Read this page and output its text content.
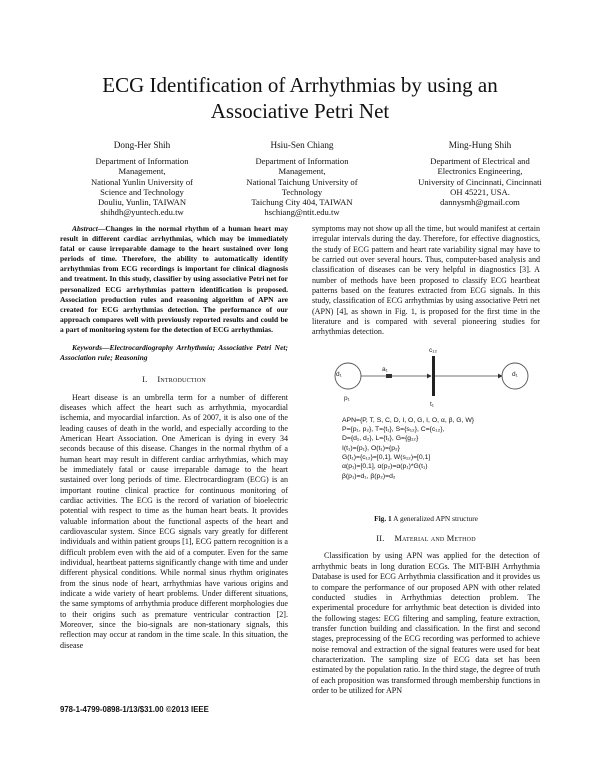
ECG Identification of Arrhythmias by using an
Associative Petri Net
Dong-Her Shih
Department of Information
Management,
National Yunlin University of
Science and Technology
Douliu, Yunlin, TAIWAN
shihdh@yuntech.edu.tw
Hsiu-Sen Chiang
Department of Information
Management,
National Taichung University of
Technology
Taichung City 404, TAIWAN
hschiang@ntit.edu.tw
Ming-Hung Shih
Department of Electrical and
Electronics Engineering,
University of Cincinnati, Cincinnati
OH 45221, USA.
dannysmh@gmail.com

Abstract—Changes in the normal rhythm of a human heart may result in different cardiac arrhythmias, which may be immediately fatal or cause irreparable damage to the heart sustained over long periods of time. Therefore, the ability to automatically identify arrhythmias from ECG recordings is important for clinical diagnosis and treatment. In this study, classifier by using associative Petri net for personalized ECG arrhythmias pattern identification is proposed. Association production rules and reasoning algorithm of APN are created for ECG arrhythmias detection. The performance of our approach compares well with previously reported results and could be a part of monitoring system for the detection of ECG arrhythmias.

Keywords—Electrocardiography Arrhythmia; Associative Petri Net; Association rule; Reasoning

I. Introduction

Heart disease is an umbrella term for a number of different diseases which affect the heart such as arrhythmia, myocardial ischemia, and myocardial infarction. As of 2007, it is also one of the leading causes of death in the world, and especially according to the American Heart Association. One American is dying in every 34 seconds because of this disease. Changes in the normal rhythm of a human heart may result in different cardiac arrhythmias, which may be immediately fatal or cause irreparable damage to the heart sustained over long periods of time. Electrocardiogram (ECG) is an important routine clinical practice for continuous monitoring of cardiac activities. The ECG is the record of variation of bioelectric potential with respect to time as the human heart beats. It provides valuable information about the functional aspects of the heart and cardiovascular system. Since ECG signals vary greatly for different individuals and within patient groups [1], ECG pattern recognition is a difficult problem even with the aid of a computer. Even for the same individual, heartbeat patterns significantly change with time and under different physical conditions. While normal sinus rhythm originates from the sinus node of heart, arrhythmias have various origins and indicate a wide variety of heart problems. Under different situations, the same symptoms of arrhythmia produce different morphologies due to their origins such as premature ventricular contraction [2]. Moreover, since the bio-signals are non-stationary signals, this reflection may occur at random in the time scale. In this situation, the disease

symptoms may not show up all the time, but would manifest at certain irregular intervals during the day. Therefore, for effective diagnostics, the study of ECG pattern and heart rate variability signal may have to be carried out over several hours. Thus, computer-based analysis and classification of diseases can be very helpful in diagnostics [3]. A number of methods have been proposed to classify ECG heartbeat patterns based on the features extracted from ECG signals. In this study, classification of ECG arrhythmias by using associative Petri net (APN) [4], as shown in Fig. 1, is proposed for the first time in the literature and is compared with several pioneering studies for arrhythmias detection.

c₁₂
d₁
p₁
a₁
t₁
d₁
APN={P, T, S, C, D, I, O, G, I, O, α, β, G, W}
P={p₁, p₂}, T={t₁}, S={s₁₂}, C={c₁₂},
D={d₁, d₂}, L={t₁}, G={g₁₂}
I(t₁)={p₁}, O(t₁)={p₂}
G(t₁)={c₁₂}=[0,1], W(s₁₂)=[0,1]
α(p₁)=[0,1], α(p₂)=α(p₁)*G(t₁)
β(p₁)=d₁, β(p₂)=d₂
Fig. 1 A generalized APN structure
II. Material and Method

Classification by using APN was applied for the detection of arrhythmic beats in long duration ECGs. The MIT-BIH Arrhythmia Database is used for ECG Arrhythmia classification and it provides us to compare the performance of our proposed APN with other related conducted studies in Arrhythmias detection problem. The experimental procedure for arrhythmic beat detection is divided into the following stages: ECG filtering and sampling, feature extraction, transfer function building and classification. In the first and second stages, preprocessing of the ECG recording was performed to achieve noise removal and extraction of the signal features were used for beat characterization. The sampling size of ECG data set has been estimated by the population ratio. In the third stage, the degree of truth of each proposition was transformed through membership functions in order to be utilized for APN

978-1-4799-0898-1/13/$31.00 ©2013 IEEE
